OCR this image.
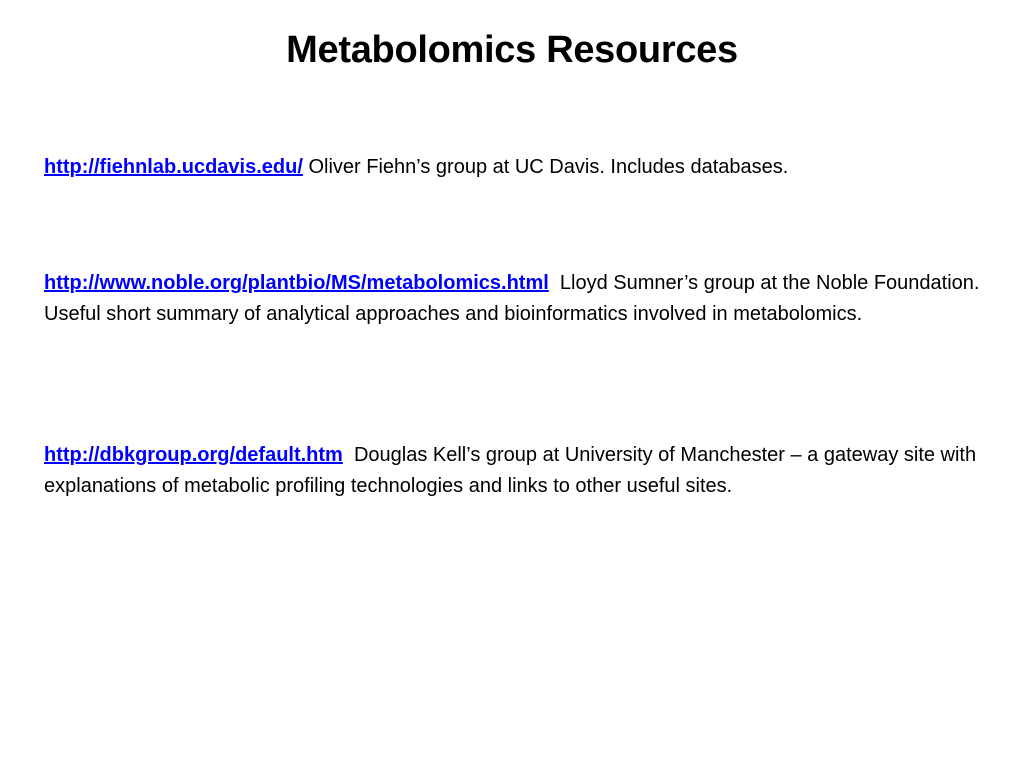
Metabolomics Resources

http://fiehnlab.ucdavis.edu/ Oliver Fiehn’s group at UC Davis. Includes databases.

http://www.noble.org/plantbio/MS/metabolomics.html  Lloyd Sumner’s group at the Noble Foundation. Useful short summary of analytical approaches and bioinformatics involved in metabolomics.

http://dbkgroup.org/default.htm  Douglas Kell’s group at University of Manchester – a gateway site with explanations of metabolic profiling technologies and links to other useful sites.
